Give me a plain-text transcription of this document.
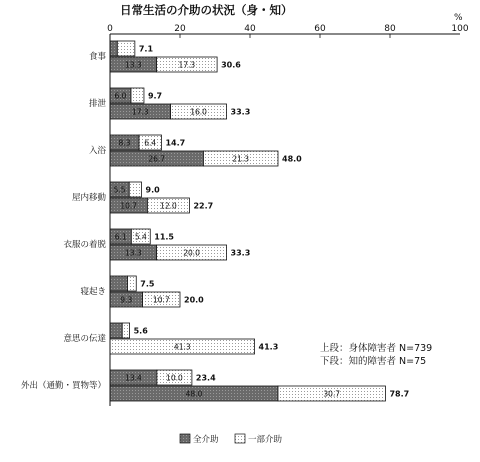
日常生活の介助の状況（身・知）
%
0	20	40	60	80	100
食事
排泄
入浴
屋内移動
衣服の着脱
寝起き
意思の伝達
外出（通勤・買物等）
7.1
13.3	17.3	30.6
6.0	9.7
17.3	16.0	33.3
8.3 6.4 14.7
26.7	21.3	48.0
5.5 9.0
10.7	12.0 22.7
6.1 5.4 11.5
13.3	20.0	33.3
7.5
9.3	10.7 20.0
5.6
41.3	41.3
13.4	10.0 23.4
48.0	30.7	78.7
上段：身体障害者 N=739
下段：知的障害者 N=75
全介助	一部介助
